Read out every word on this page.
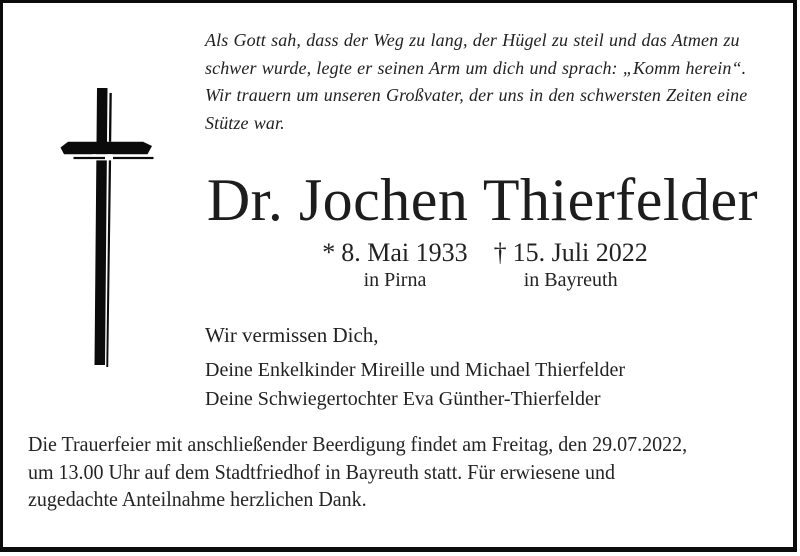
Als Gott sah, dass der Weg zu lang, der Hügel zu steil und das Atmen zu
schwer wurde, legte er seinen Arm um dich und sprach: „Komm herein“.
Wir trauern um unseren Großvater, der uns in den schwersten Zeiten eine
Stütze war.
Dr. Jochen Thierfelder
* 8. Mai 1933
in Pirna
† 15. Juli 2022
in Bayreuth
Wir vermissen Dich,
Deine Enkelkinder Mireille und Michael Thierfelder
Deine Schwiegertochter Eva Günther-Thierfelder
Die Trauerfeier mit anschließender Beerdigung findet am Freitag, den 29.07.2022,
um 13.00 Uhr auf dem Stadtfriedhof in Bayreuth statt. Für erwiesene und
zugedachte Anteilnahme herzlichen Dank.
